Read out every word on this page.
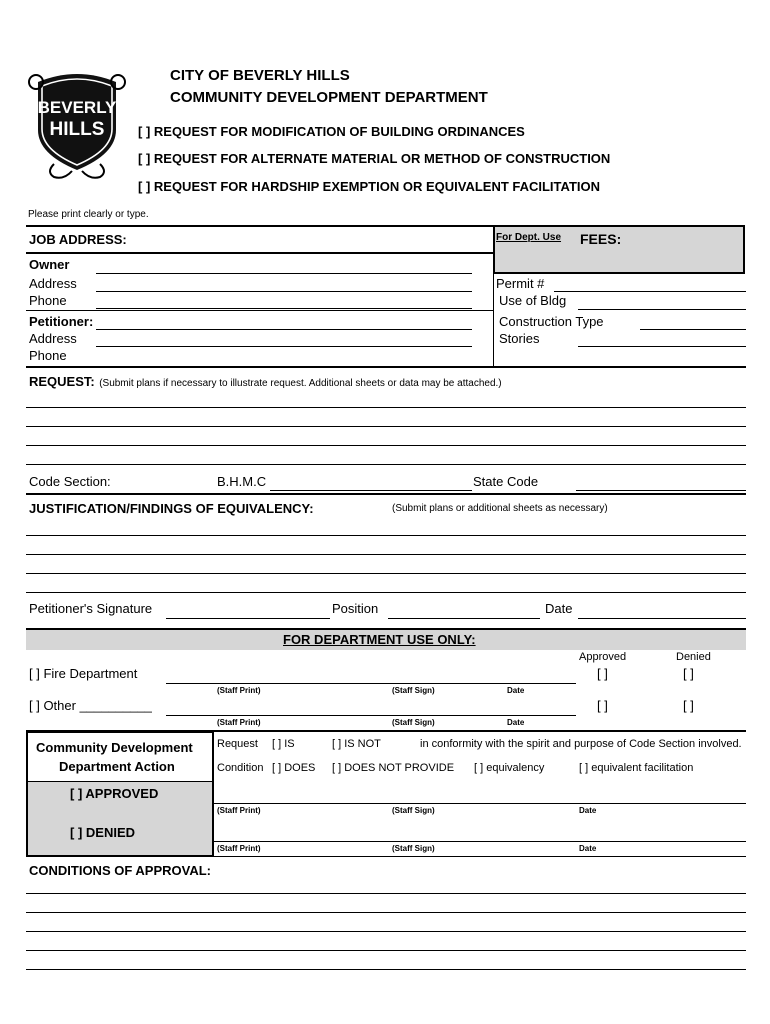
BEVERLY
HILLS
CITY OF BEVERLY HILLS
COMMUNITY DEVELOPMENT DEPARTMENT
[ ] REQUEST FOR MODIFICATION OF BUILDING ORDINANCES
[ ] REQUEST FOR ALTERNATE MATERIAL OR METHOD OF CONSTRUCTION
[ ] REQUEST FOR HARDSHIP EXEMPTION OR EQUIVALENT FACILITATION
Please print clearly or type.
JOB ADDRESS:	For Dept. Use FEES:
Owner
Address
Phone
Petitioner:
Address
Phone
Permit #
Use of Bldg
Construction Type
Stories
REQUEST: (Submit plans if necessary to illustrate request. Additional sheets or data may be attached.)
Code Section:	B.H.M.C	State Code
JUSTIFICATION/FINDINGS OF EQUIVALENCY:	(Submit plans or additional sheets as necessary)
Petitioner's Signature	Position	Date
FOR DEPARTMENT USE ONLY:
Approved	Denied
[ ] Fire Department	[ ]	[ ]
(Staff Print)	(Staff Sign)	Date
[ ] Other __________	[ ]	[ ]
(Staff Print)	(Staff Sign)	Date
Community Development
Department Action
[ ] APPROVED
[ ] DENIED
Request [ ] IS	[ ] IS NOT	in conformity with the spirit and purpose of Code Section involved.
Condition [ ] DOES [ ] DOES NOT PROVIDE [ ] equivalency	[ ] equivalent facilitation
(Staff Print)	(Staff Sign)	Date
(Staff Print)	(Staff Sign)	Date
CONDITIONS OF APPROVAL:
